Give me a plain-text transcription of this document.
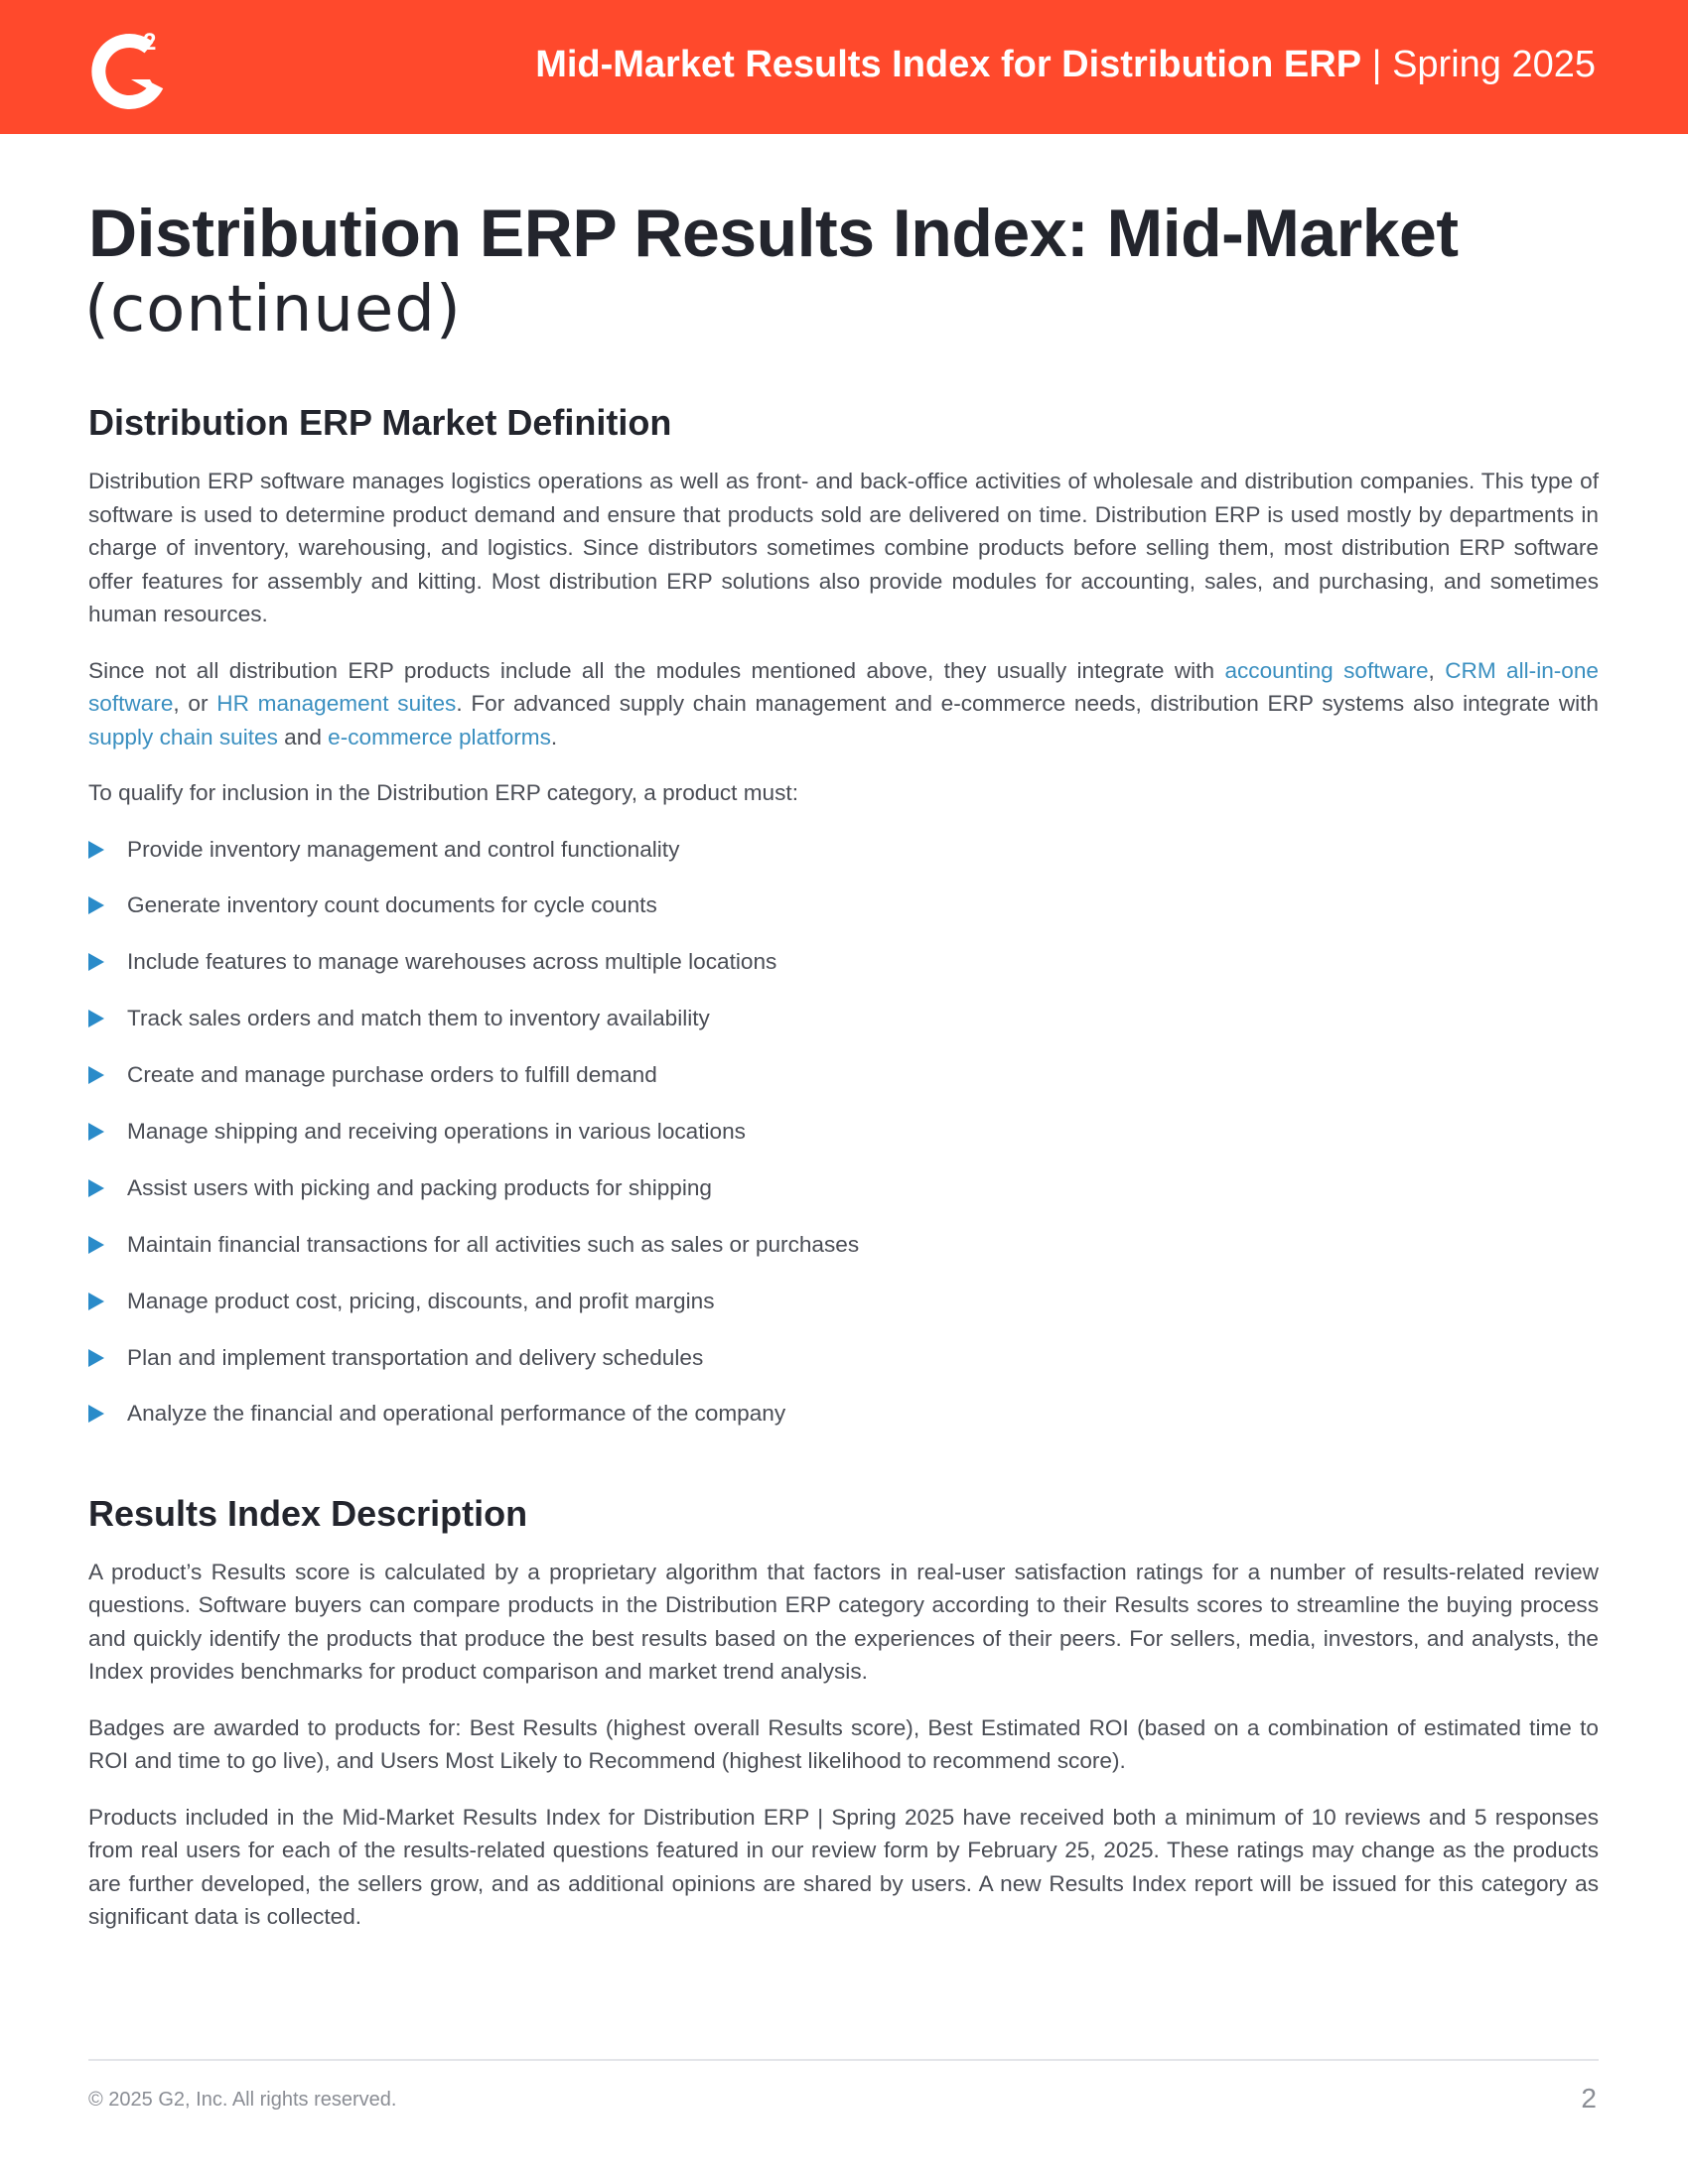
2
Mid-Market Results Index for Distribution ERP | Spring 2025
Distribution ERP Results Index: Mid-Market
(continued)
Distribution ERP Market Definition

Distribution ERP software manages logistics operations as well as front- and back-office activities of wholesale and distribution companies. This type of software is used to determine product demand and ensure that products sold are delivered on time. Distribution ERP is used mostly by departments in charge of inventory, warehousing, and logistics. Since distributors sometimes combine products before selling them, most distribution ERP software offer features for assembly and kitting. Most distribution ERP solutions also provide modules for accounting, sales, and purchasing, and sometimes human resources.

Since not all distribution ERP products include all the modules mentioned above, they usually integrate with accounting software, CRM all-in-one software, or HR management suites. For advanced supply chain management and e-commerce needs, distribution ERP systems also integrate with supply chain suites and e-commerce platforms.

To qualify for inclusion in the Distribution ERP category, a product must:

Provide inventory management and control functionality
Generate inventory count documents for cycle counts
Include features to manage warehouses across multiple locations
Track sales orders and match them to inventory availability
Create and manage purchase orders to fulfill demand
Manage shipping and receiving operations in various locations
Assist users with picking and packing products for shipping
Maintain financial transactions for all activities such as sales or purchases
Manage product cost, pricing, discounts, and profit margins
Plan and implement transportation and delivery schedules
Analyze the financial and operational performance of the company
Results Index Description

A product’s Results score is calculated by a proprietary algorithm that factors in real-user satisfaction ratings for a number of results-related review questions. Software buyers can compare products in the Distribution ERP category according to their Results scores to streamline the buying process and quickly identify the products that produce the best results based on the experiences of their peers. For sellers, media, investors, and analysts, the Index provides benchmarks for product comparison and market trend analysis.

Badges are awarded to products for: Best Results (highest overall Results score), Best Estimated ROI (based on a combination of estimated time to ROI and time to go live), and Users Most Likely to Recommend (highest likelihood to recommend score).

Products included in the Mid-Market Results Index for Distribution ERP | Spring 2025 have received both a minimum of 10 reviews and 5 responses from real users for each of the results-related questions featured in our review form by February 25, 2025. These ratings may change as the products are further developed, the sellers grow, and as additional opinions are shared by users. A new Results Index report will be issued for this category as significant data is collected.

© 2025 G2, Inc. All rights reserved.	2
